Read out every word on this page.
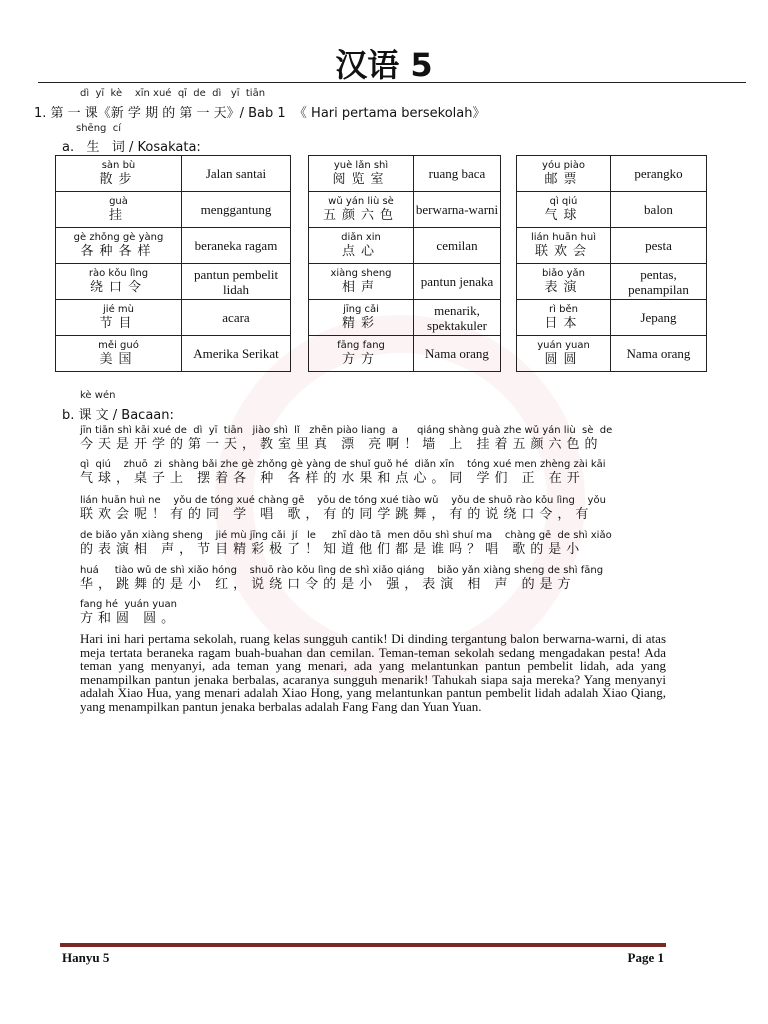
汉语 5
dì  yī  kè    xīn xué  qī  de  dì   yī  tiān
1. 第 一 课《新 学 期 的 第 一 天》/ Bab 1  《 Hari pertama bersekolah》
shēng  cí
a.   生   词 / Kosakata:
sàn bù
散步	Jalan santai

guà
挂	menggantung

gè zhǒng gè yàng
各种各样	beraneka ragam

rào kǒu lìng
绕口令	pantun pembelit lidah

jié mù
节目	acara

měi guó
美国	Amerika Serikat
yuè lǎn shì
阅览室	ruang baca

wǔ yán liù sè
五颜六色	berwarna-warni

diǎn xin
点心	cemilan

xiàng sheng
相声	pantun jenaka

jīng cǎi
精彩	menarik, spektakuler

fāng fang
方方	Nama orang
yóu piào
邮票	perangko

qì qiú
气球	balon

lián huān huì
联欢会	pesta

biǎo yǎn
表演	pentas, penampilan

rì běn
日本	Jepang

yuán yuan
圆圆	Nama orang
kè wén
b. 课 文 / Bacaan:
jīn tiān shì kāi xué de  dì  yī  tiān   jiào shì  lǐ   zhēn piào liang  a      qiáng shàng guà zhe wǔ yán liù  sè  de
今天是开学的第一天，教室里真 漂 亮啊！墙 上 挂着五颜六色的
qì  qiú    zhuō  zi  shàng bǎi zhe gè zhǒng gè yàng de shuǐ guǒ hé  diǎn xīn    tóng xué men zhèng zài kāi
气球，桌子上 摆着各 种 各样的水果和点心。同 学们 正 在开
lián huān huì ne    yǒu de tóng xué chàng gē    yǒu de tóng xué tiào wǔ    yǒu de shuō rào kǒu lìng    yǒu
联欢会呢！有的同 学 唱 歌，有的同学跳舞，有的说绕口令，有
de biǎo yǎn xiàng sheng    jié mù jīng cǎi  jí   le     zhī dào tā  men dōu shì shuí ma    chàng gē  de shì xiǎo
的表演相 声，节目精彩极了！知道他们都是谁吗？唱 歌的是小
huá     tiào wǔ de shì xiǎo hóng    shuō rào kǒu lìng de shì xiǎo qiáng    biǎo yǎn xiàng sheng de shì fāng
华，跳舞的是小 红，说绕口令的是小 强，表演 相 声 的是方
fang hé  yuán yuan
方和圆 圆。
Hari ini hari pertama sekolah, ruang kelas sungguh cantik! Di dinding tergantung balon berwarna-warni, di atas meja tertata beraneka ragam buah-buahan dan cemilan. Teman-teman sekolah sedang mengadakan pesta! Ada teman yang menyanyi, ada teman yang menari, ada yang melantunkan pantun pembelit lidah, ada yang menampilkan pantun jenaka berbalas, acaranya sungguh menarik! Tahukah siapa saja mereka? Yang menyanyi adalah Xiao Hua, yang menari adalah Xiao Hong, yang melantunkan pantun pembelit lidah adalah Xiao Qiang, yang menampilkan pantun jenaka berbalas adalah Fang Fang dan Yuan Yuan.
Hanyu 5	Page 1
